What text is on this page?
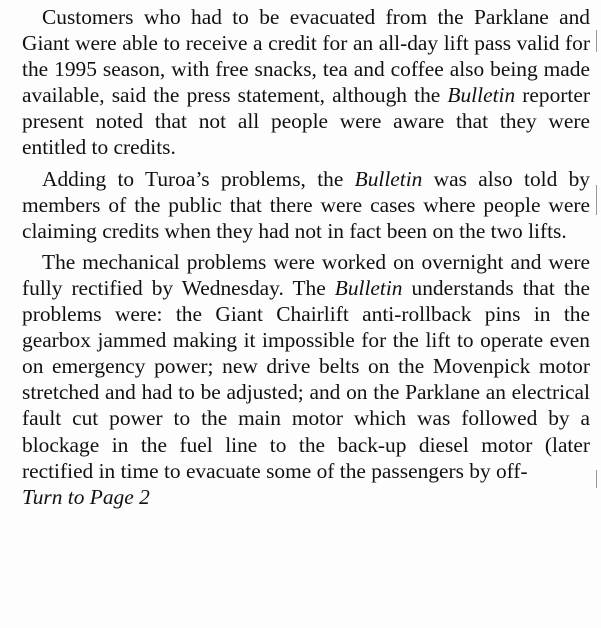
Customers who had to be evacuated from the Parklane and Giant were able to receive a credit for an all-day lift pass valid for the 1995 season, with free snacks, tea and coffee also being made available, said the press statement, although the Bulletin reporter present noted that not all people were aware that they were entitled to credits.

Adding to Turoa’s problems, the Bulletin was also told by members of the public that there were cases where people were claiming credits when they had not in fact been on the two lifts.

The mechanical problems were worked on overnight and were fully rectified by Wednesday. The Bulletin understands that the problems were: the Giant Chairlift anti-rollback pins in the gearbox jammed making it impossible for the lift to operate even on emergency power; new drive belts on the Movenpick motor stretched and had to be adjusted; and on the Parklane an electrical fault cut power to the main motor which was followed by a blockage in the fuel line to the back-up diesel motor (later rectified in time to evacuate some of the passengers by off-
Turn to Page 2
